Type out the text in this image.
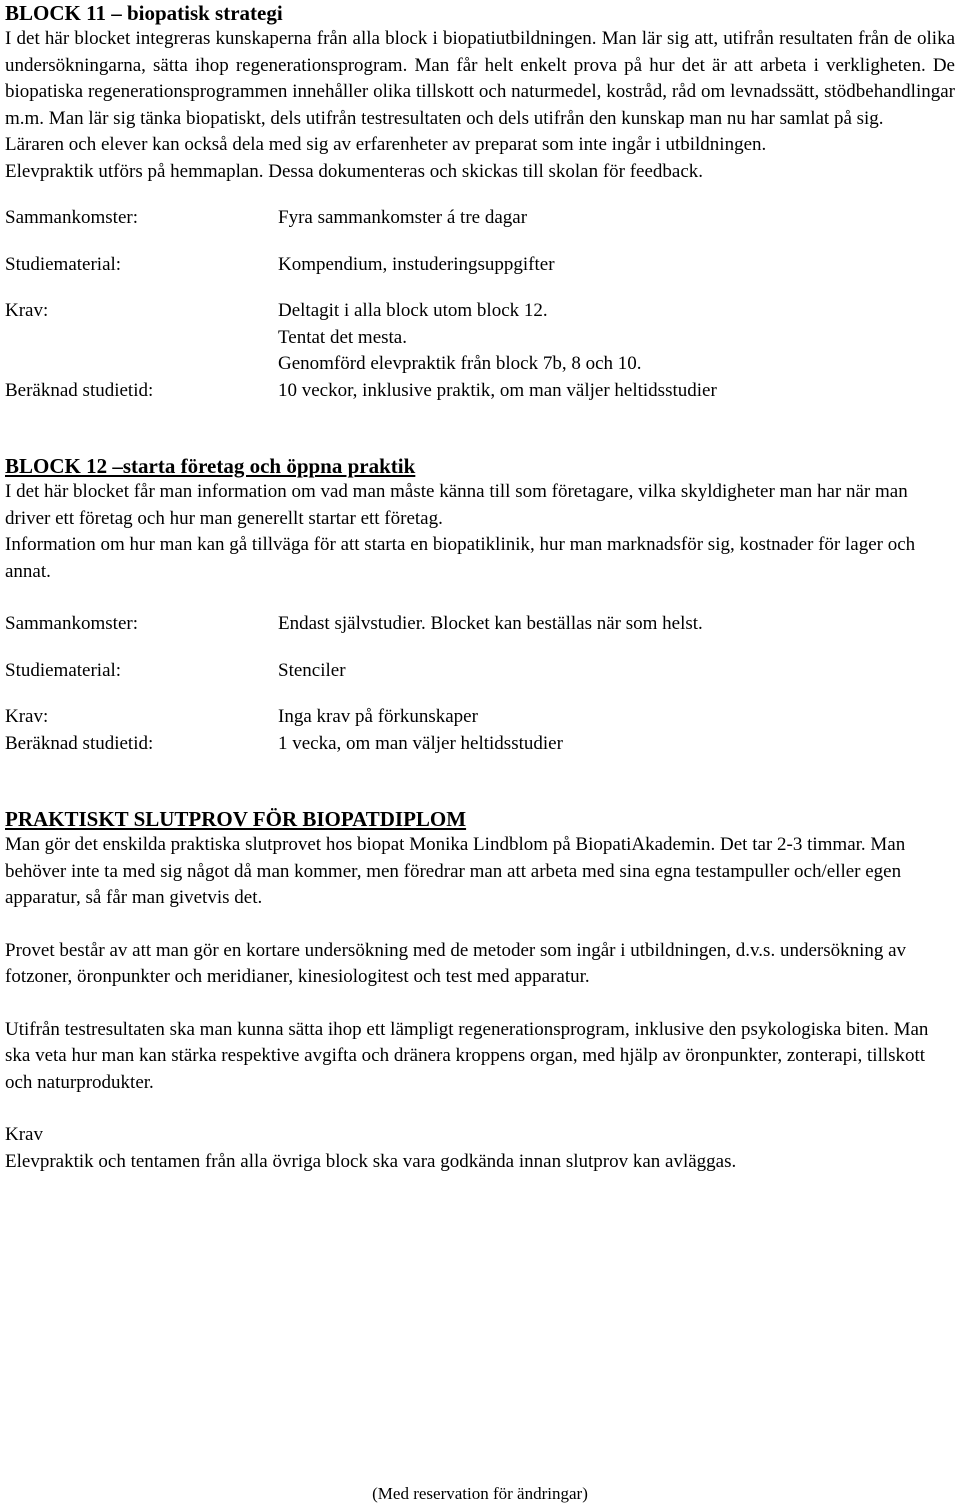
BLOCK 11 – biopatisk strategi

I det här blocket integreras kunskaperna från alla block i biopatiutbildningen. Man lär sig att, utifrån resultaten från de olika undersökningarna, sätta ihop regenerationsprogram. Man får helt enkelt prova på hur det är att arbeta i verkligheten. De biopatiska regenerationsprogrammen innehåller olika tillskott och naturmedel, kostråd, råd om levnadssätt, stödbehandlingar m.m. Man lär sig tänka biopatiskt, dels utifrån testresultaten och dels utifrån den kunskap man nu har samlat på sig.

Läraren och elever kan också dela med sig av erfarenheter av preparat som inte ingår i utbildningen.

Elevpraktik utförs på hemmaplan. Dessa dokumenteras och skickas till skolan för feedback.

Sammankomster:	Fyra sammankomster á tre dagar
Studiematerial:	Kompendium, instuderingsuppgifter
Krav:	Deltagit i alla block utom block 12.
Tentat det mesta.
Genomförd elevpraktik från block 7b, 8 och 10.
Beräknad studietid:	10 veckor, inklusive praktik, om man väljer heltidsstudier
BLOCK 12 –starta företag och öppna praktik

I det här blocket får man information om vad man måste känna till som företagare, vilka skyldigheter man har när man driver ett företag och hur man generellt startar ett företag.

Information om hur man kan gå tillväga för att starta en biopatiklinik, hur man marknadsför sig, kostnader för lager och annat.

Sammankomster:	Endast självstudier. Blocket kan beställas när som helst.
Studiematerial:	Stenciler
Krav:	Inga krav på förkunskaper
Beräknad studietid:	1 vecka, om man väljer heltidsstudier
PRAKTISKT SLUTPROV FÖR BIOPATDIPLOM

Man gör det enskilda praktiska slutprovet hos biopat Monika Lindblom på BiopatiAkademin. Det tar 2-3 timmar. Man behöver inte ta med sig något då man kommer, men föredrar man att arbeta med sina egna testampuller och/eller egen apparatur, så får man givetvis det.

Provet består av att man gör en kortare undersökning med de metoder som ingår i utbildningen, d.v.s. undersökning av fotzoner, öronpunkter och meridianer, kinesiologitest och test med apparatur.

Utifrån testresultaten ska man kunna sätta ihop ett lämpligt regenerationsprogram, inklusive den psykologiska biten. Man ska veta hur man kan stärka respektive avgifta och dränera kroppens organ, med hjälp av öronpunkter, zonterapi, tillskott och naturprodukter.

Krav

Elevpraktik och tentamen från alla övriga block ska vara godkända innan slutprov kan avläggas.

(Med reservation för ändringar)
